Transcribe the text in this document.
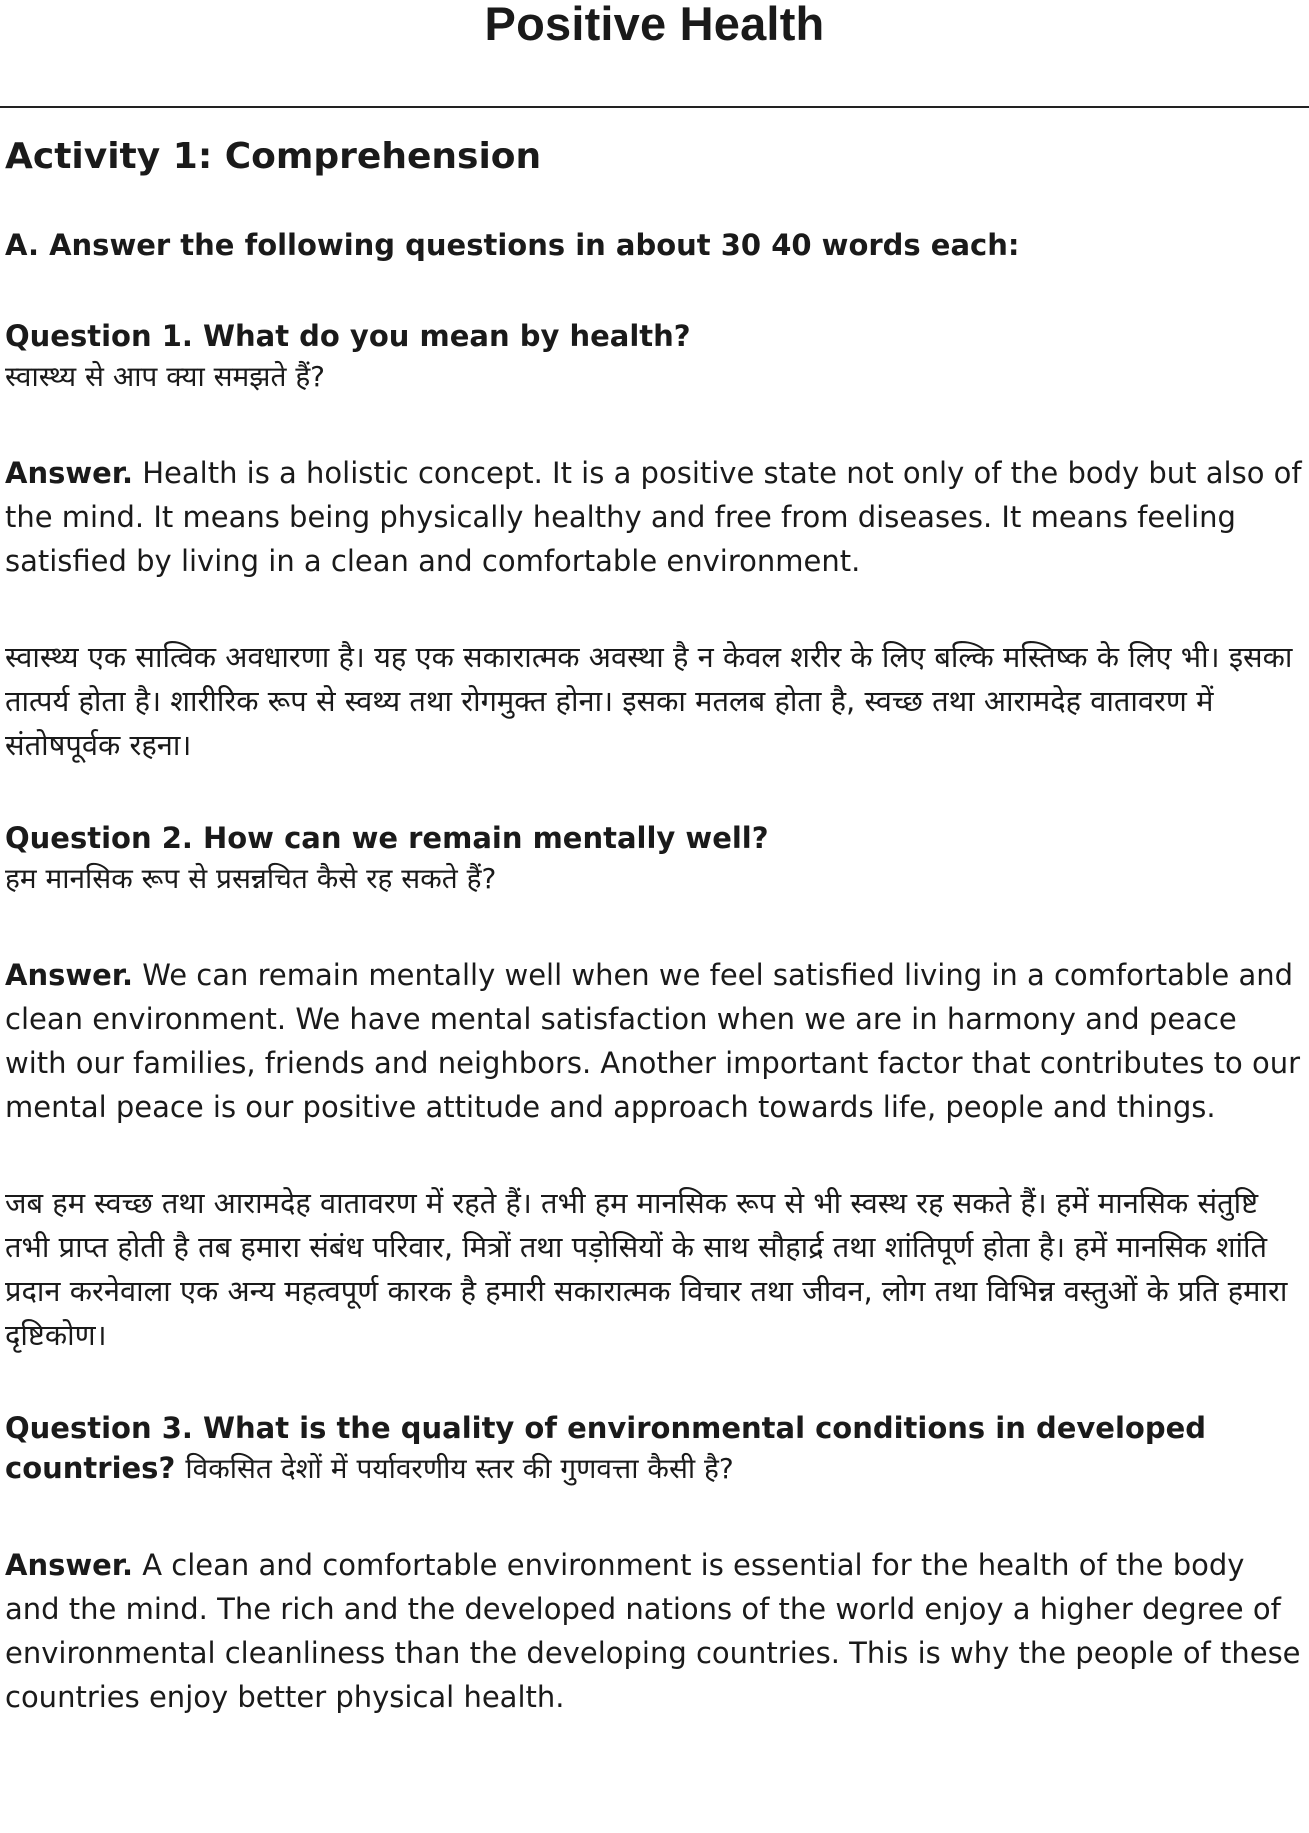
Positive Health
Activity 1: Comprehension
A. Answer the following questions in about 30 40 words each:
Question 1. What do you mean by health?
स्वास्थ्य से आप क्या समझते हैं?
Answer. Health is a holistic concept. It is a positive state not only of the body but also of the mind. It means being physically healthy and free from diseases. It means feeling satisfied by living in a clean and comfortable environment.
स्वास्थ्य एक सात्विक अवधारणा है। यह एक सकारात्मक अवस्था है न केवल शरीर के लिए बल्कि मस्तिष्क के लिए भी। इसका तात्पर्य होता है। शारीरिक रूप से स्वथ्य तथा रोगमुक्त होना। इसका मतलब होता है, स्वच्छ तथा आरामदेह वातावरण में संतोषपूर्वक रहना।
Question 2. How can we remain mentally well?
हम मानसिक रूप से प्रसन्नचित कैसे रह सकते हैं?
Answer. We can remain mentally well when we feel satisfied living in a comfortable and clean environment. We have mental satisfaction when we are in harmony and peace with our families, friends and neighbors. Another important factor that contributes to our mental peace is our positive attitude and approach towards life, people and things.
जब हम स्वच्छ तथा आरामदेह वातावरण में रहते हैं। तभी हम मानसिक रूप से भी स्वस्थ रह सकते हैं। हमें मानसिक संतुष्टि तभी प्राप्त होती है तब हमारा संबंध परिवार, मित्रों तथा पड़ोसियों के साथ सौहार्द्र तथा शांतिपूर्ण होता है। हमें मानसिक शांति प्रदान करनेवाला एक अन्य महत्वपूर्ण कारक है हमारी सकारात्मक विचार तथा जीवन, लोग तथा विभिन्न वस्तुओं के प्रति हमारा दृष्टिकोण।
Question 3. What is the quality of environmental conditions in developed countries? विकसित देशों में पर्यावरणीय स्तर की गुणवत्ता कैसी है?
Answer. A clean and comfortable environment is essential for the health of the body and the mind. The rich and the developed nations of the world enjoy a higher degree of environmental cleanliness than the developing countries. This is why the people of these countries enjoy better physical health.
